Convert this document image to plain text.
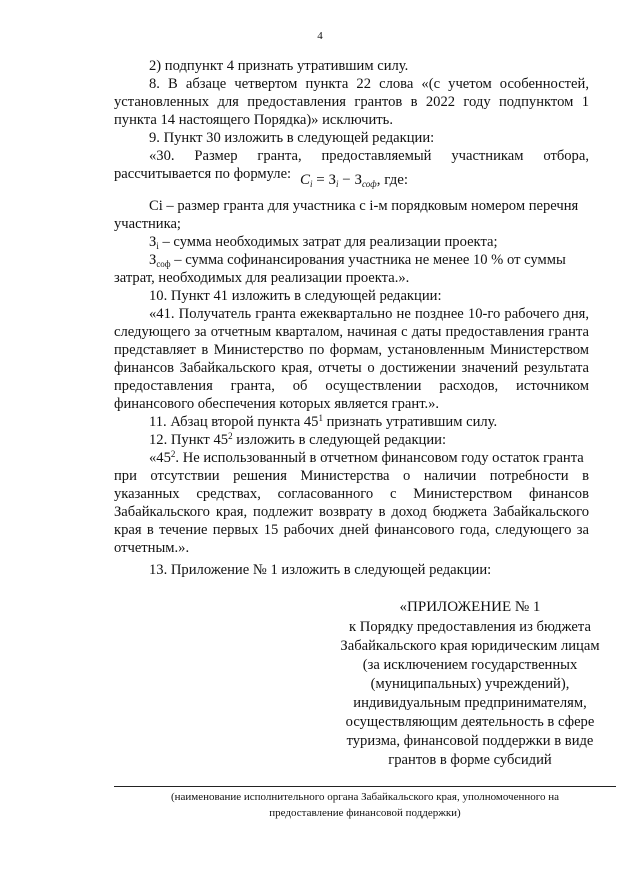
4
2) подпункт 4 признать утратившим силу.
8. В абзаце четвертом пункта 22 слова «(с учетом особенностей,
установленных для предоставления грантов в 2022 году подпунктом 1
пункта 14 настоящего Порядка)» исключить.
9. Пункт 30 изложить в следующей редакции:
«30. Размер гранта, предоставляемый участникам отбора,
рассчитывается по формуле: $C_i = З_i - З_{соф}$, где:
Сi – размер гранта для участника с i-м порядковым номером перечня
участника;
$З_i$ – сумма необходимых затрат для реализации проекта;
$З_{соф}$ – сумма софинансирования участника не менее 10 % от суммы
затрат, необходимых для реализации проекта.».
10. Пункт 41 изложить в следующей редакции:
«41. Получатель гранта ежеквартально не позднее 10-го рабочего дня,
следующего за отчетным кварталом, начиная с даты предоставления гранта
представляет в Министерство по формам, установленным Министерством
финансов Забайкальского края, отчеты о достижении значений результата
предоставления гранта, об осуществлении расходов, источником
финансового обеспечения которых является грант.».
11. Абзац второй пункта $45^1$ признать утратившим силу.
12. Пункт $45^2$ изложить в следующей редакции:
«$45^2$. Не использованный в отчетном финансовом году остаток гранта
при отсутствии решения Министерства о наличии потребности в
указанных средствах, согласованного с Министерством финансов
Забайкальского края, подлежит возврату в доход бюджета Забайкальского
края в течение первых 15 рабочих дней финансового года, следующего за
отчетным.».
13. Приложение № 1 изложить в следующей редакции:
«ПРИЛОЖЕНИЕ № 1
к Порядку предоставления из бюджета
Забайкальского края юридическим лицам
(за исключением государственных
(муниципальных) учреждений),
индивидуальным предпринимателям,
осуществляющим деятельность в сфере
туризма, финансовой поддержки в виде
грантов в форме субсидий
(наименование исполнительного органа Забайкальского края, уполномоченного на
предоставление финансовой поддержки)
